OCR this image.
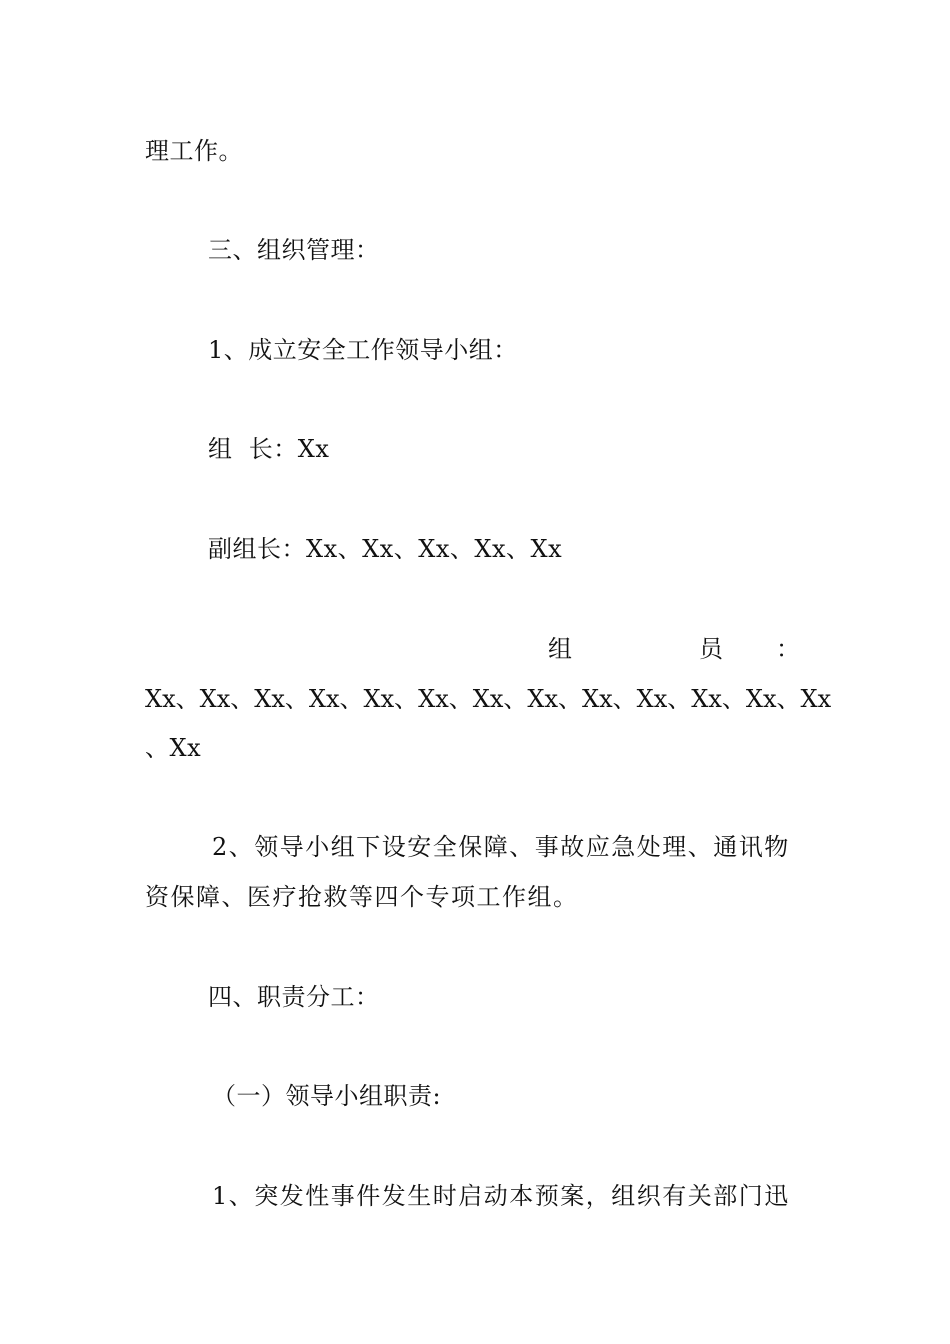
理工作。
三、组织管理：
1、成立安全工作领导小组：
组  长：Xx
副组长：Xx、Xx、Xx、Xx、Xx
组	员 ：
Xx、 Xx、 Xx、 Xx、 Xx、 Xx、 Xx、 Xx、 Xx、 Xx、 Xx、 Xx、 Xx
、Xx
2、领导小组下设安全保障、事故应急处理、通讯物
资保障、医疗抢救等四个专项工作组。
四、职责分工：
（一）领导小组职责:
1、突发性事件发生时启动本预案，组织有关部门迅
